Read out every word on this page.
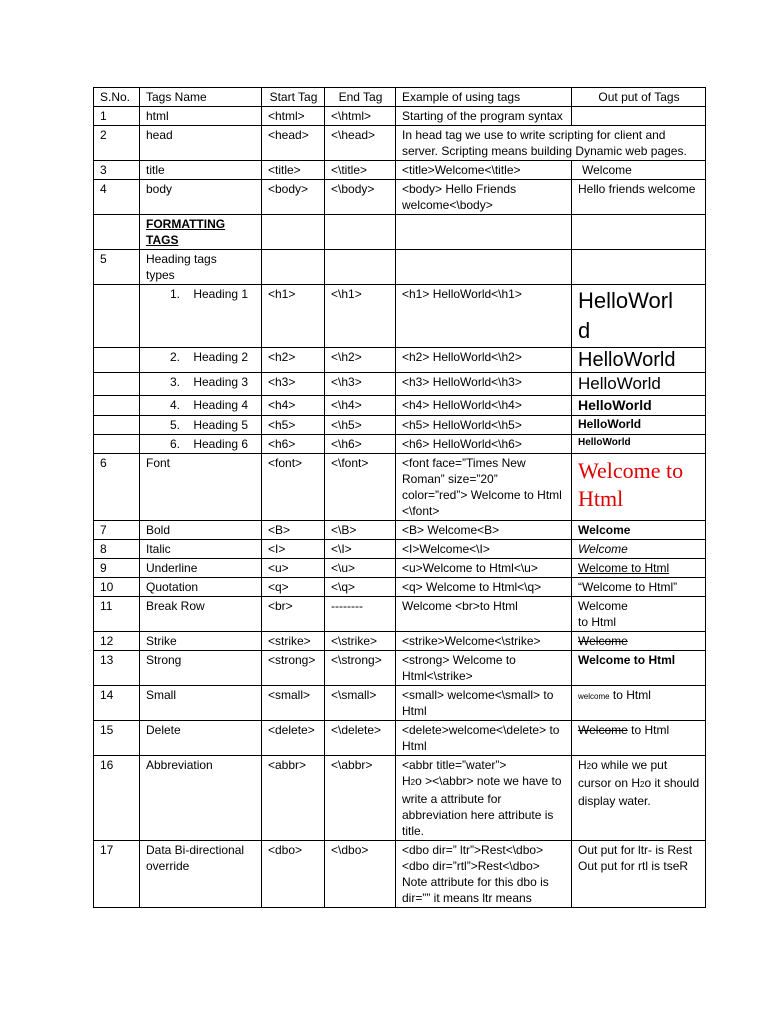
S.No.	Tags Name	Start Tag	End Tag	Example of using tags	Out put of Tags
1	html	<html>	<\html>	Starting of the program syntax	
2	head	<head>	<\head>	In head tag we use to write scripting for client and server. Scripting means building Dynamic web pages.	
3	title	<title>	<\title>	<title>Welcome<\title>	Welcome
4	body	<body>	<\body>	<body> Hello Friends welcome<\body>	Hello friends welcome
	FORMATTING TAGS				
5	Heading tags types				
	1.    Heading 1	<h1>	<\h1>	<h1> HelloWorld<\h1>	HelloWorld
	2.    Heading 2	<h2>	<\h2>	<h2> HelloWorld<\h2>	HelloWorld
	3.    Heading 3	<h3>	<\h3>	<h3> HelloWorld<\h3>	HelloWorld
	4.    Heading 4	<h4>	<\h4>	<h4> HelloWorld<\h4>	HelloWorld
	5.    Heading 5	<h5>	<\h5>	<h5> HelloWorld<\h5>	HelloWorld
	6.    Heading 6	<h6>	<\h6>	<h6> HelloWorld<\h6>	HelloWorld
6	Font	<font>	<\font>	<font face=”Times New Roman” size=”20” color=”red”> Welcome to Html <\font>	Welcome to Html
7	Bold	<B>	<\B>	<B> Welcome<B>	Welcome
8	Italic	<I>	<\I>	<I>Welcome<\I>	Welcome
9	Underline	<u>	<\u>	<u>Welcome to Html<\u>	Welcome to Html
10	Quotation	<q>	<\q>	<q> Welcome to Html<\q>	“Welcome to Html”
11	Break Row	<br>	--------	Welcome <br>to Html	Welcome
to Html

12	Strike	<strike>	<\strike>	<strike>Welcome<\strike>	Welcome
13	Strong	<strong>	<\strong>	<strong> Welcome to Html<\strike>	Welcome to Html
14	Small	<small>	<\small>	<small> welcome<\small> to Html	welcome to Html
15	Delete	<delete>	<\delete>	<delete>welcome<\delete> to Html	Welcome to Html
16	Abbreviation	<abbr>	<\abbr>	<abbr title=”water”>
H2o ><\abbr> note we have to write a attribute for abbreviation here attribute is title.	H2o while we put cursor on H2o it should display water.
17	Data Bi-directional override	<dbo>	<\dbo>	<dbo dir=” ltr”>Rest<\dbo> <dbo dir=”rtl”>Rest<\dbo> Note attribute for this dbo is dir=”” it means ltr means	Out put for ltr- is Rest Out put for rtl is tseR
